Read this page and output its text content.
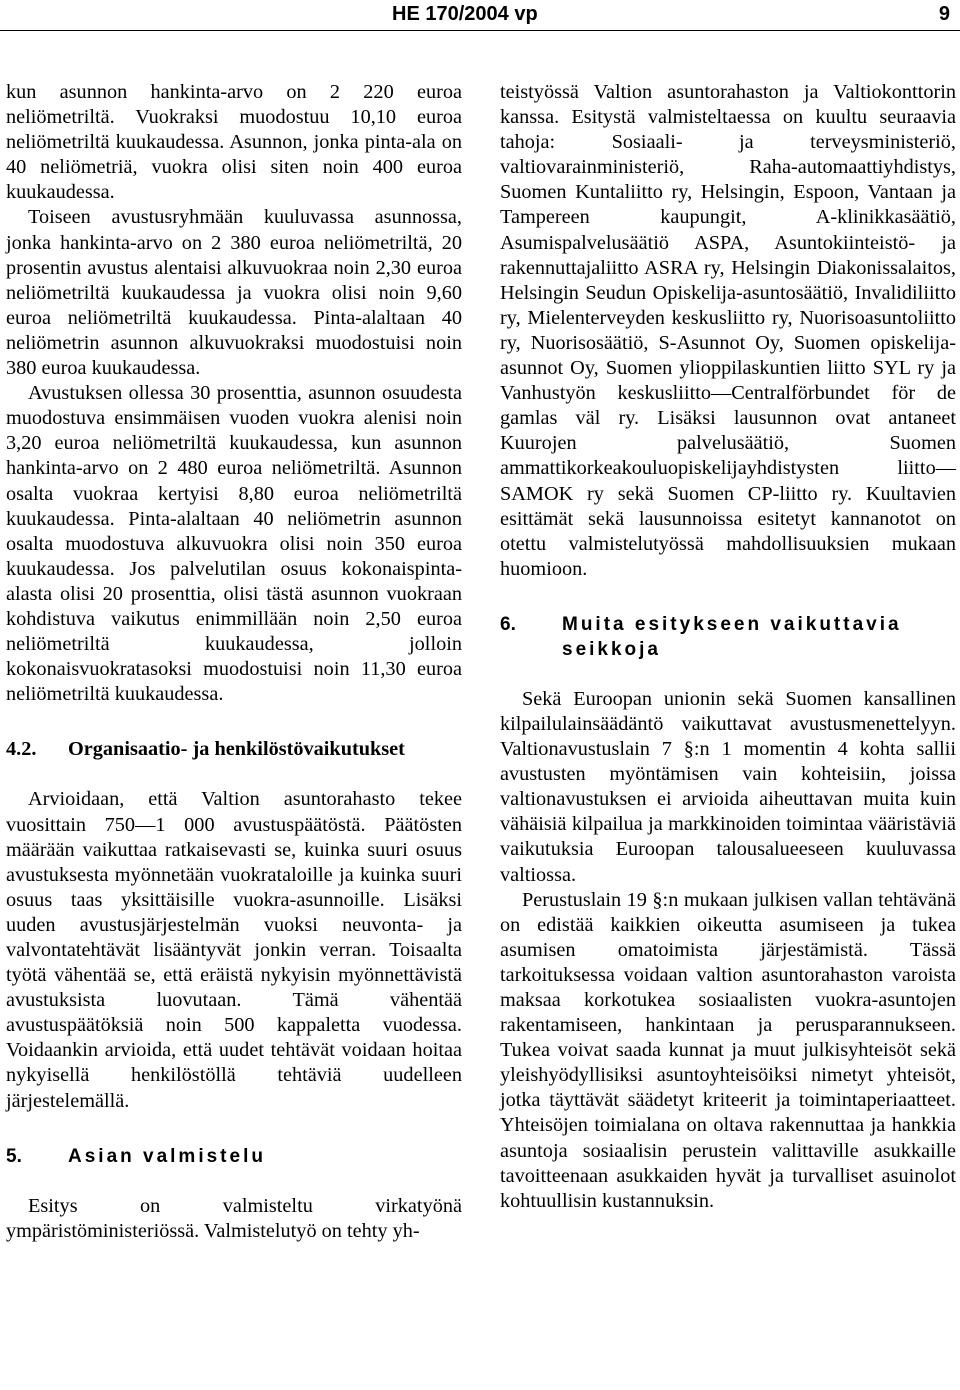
HE 170/2004 vp	9

kun asunnon hankinta-arvo on 2 220 euroa neliömetriltä. Vuokraksi muodostuu 10,10 euroa neliömetriltä kuukaudessa. Asunnon, jonka pinta-ala on 40 neliömetriä, vuokra olisi siten noin 400 euroa kuukaudessa.

Toiseen avustusryhmään kuuluvassa asunnossa, jonka hankinta-arvo on 2 380 euroa neliömetriltä, 20 prosentin avustus alentaisi alkuvuokraa noin 2,30 euroa neliömetriltä kuukaudessa ja vuokra olisi noin 9,60 euroa neliömetriltä kuukaudessa. Pinta-alaltaan 40 neliömetrin asunnon alkuvuokraksi muodostuisi noin 380 euroa kuukaudessa.

Avustuksen ollessa 30 prosenttia, asunnon osuudesta muodostuva ensimmäisen vuoden vuokra alenisi noin 3,20 euroa neliömetriltä kuukaudessa, kun asunnon hankinta-arvo on 2 480 euroa neliömetriltä. Asunnon osalta vuokraa kertyisi 8,80 euroa neliömetriltä kuukaudessa. Pinta-alaltaan 40 neliömetrin asunnon osalta muodostuva alkuvuokra olisi noin 350 euroa kuukaudessa. Jos palvelutilan osuus kokonaispinta-alasta olisi 20 prosenttia, olisi tästä asunnon vuokraan kohdistuva vaikutus enimmillään noin 2,50 euroa neliömetriltä kuukaudessa, jolloin kokonaisvuokratasoksi muodostuisi noin 11,30 euroa neliömetriltä kuukaudessa.

4.2.	Organisaatio- ja henkilöstövaikutukset

Arvioidaan, että Valtion asuntorahasto tekee vuosittain 750—1 000 avustuspäätöstä. Päätösten määrään vaikuttaa ratkaisevasti se, kuinka suuri osuus avustuksesta myönnetään vuokrataloille ja kuinka suuri osuus taas yksittäisille vuokra-asunnoille. Lisäksi uuden avustusjärjestelmän vuoksi neuvonta- ja valvontatehtävät lisääntyvät jonkin verran. Toisaalta työtä vähentää se, että eräistä nykyisin myönnettävistä avustuksista luovutaan. Tämä vähentää avustuspäätöksiä noin 500 kappaletta vuodessa. Voidaankin arvioida, että uudet tehtävät voidaan hoitaa nykyisellä henkilöstöllä tehtäviä uudelleen järjestelemällä.

5.	Asian valmistelu

Esitys on valmisteltu virkatyönä ympäristöministeriössä. Valmistelutyö on tehty yh-

teistyössä Valtion asuntorahaston ja Valtiokonttorin kanssa. Esitystä valmisteltaessa on kuultu seuraavia tahoja: Sosiaali- ja terveysministeriö, valtiovarainministeriö, Raha-automaattiyhdistys, Suomen Kuntaliitto ry, Helsingin, Espoon, Vantaan ja Tampereen kaupungit, A-klinikkasäätiö, Asumispalvelusäätiö ASPA, Asuntokiinteistö- ja rakennuttajaliitto ASRA ry, Helsingin Diakonissalaitos, Helsingin Seudun Opiskelija-asuntosäätiö, Invalidiliitto ry, Mielenterveyden keskusliitto ry, Nuorisoasuntoliitto ry, Nuorisosäätiö, S-Asunnot Oy, Suomen opiskelija-asunnot Oy, Suomen ylioppilaskuntien liitto SYL ry ja Vanhustyön keskusliitto—Centralförbundet för de gamlas väl ry. Lisäksi lausunnon ovat antaneet Kuurojen palvelusäätiö, Suomen ammattikorkeakouluopiskelijayhdistysten liitto—SAMOK ry sekä Suomen CP-liitto ry. Kuultavien esittämät sekä lausunnoissa esitetyt kannanotot on otettu valmistelutyössä mahdollisuuksien mukaan huomioon.

6.	Muita esitykseen vaikuttavia seikkoja

Sekä Euroopan unionin sekä Suomen kansallinen kilpailulainsäädäntö vaikuttavat avustusmenettelyyn. Valtionavustuslain 7 §:n 1 momentin 4 kohta sallii avustusten myöntämisen vain kohteisiin, joissa valtionavustuksen ei arvioida aiheuttavan muita kuin vähäisiä kilpailua ja markkinoiden toimintaa vääristäviä vaikutuksia Euroopan talousalueeseen kuuluvassa valtiossa.

Perustuslain 19 §:n mukaan julkisen vallan tehtävänä on edistää kaikkien oikeutta asumiseen ja tukea asumisen omatoimista järjestämistä. Tässä tarkoituksessa voidaan valtion asuntorahaston varoista maksaa korkotukea sosiaalisten vuokra-asuntojen rakentamiseen, hankintaan ja perusparannukseen. Tukea voivat saada kunnat ja muut julkisyhteisöt sekä yleishyödyllisiksi asuntoyhteisöiksi nimetyt yhteisöt, jotka täyttävät säädetyt kriteerit ja toimintaperiaatteet. Yhteisöjen toimialana on oltava rakennuttaa ja hankkia asuntoja sosiaalisin perustein valittaville asukkaille tavoitteenaan asukkaiden hyvät ja turvalliset asuinolot kohtuullisin kustannuksin.
